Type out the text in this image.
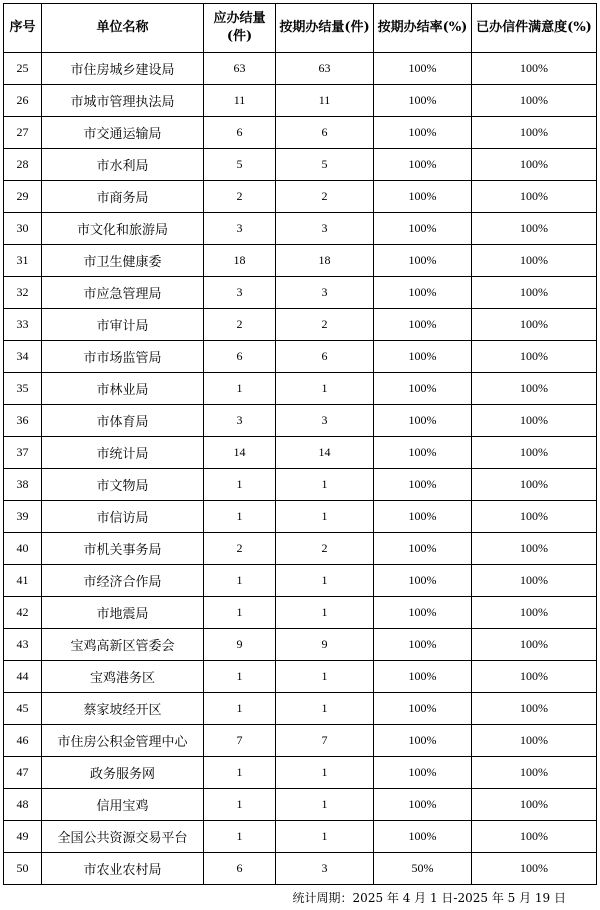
序号	单位名称	应办结量(件)	按期办结量(件)	按期办结率(%)	已办信件满意度(%)
25	市住房城乡建设局	63	63	100%	100%
26	市城市管理执法局	11	11	100%	100%
27	市交通运输局	6	6	100%	100%
28	市水利局	5	5	100%	100%
29	市商务局	2	2	100%	100%
30	市文化和旅游局	3	3	100%	100%
31	市卫生健康委	18	18	100%	100%
32	市应急管理局	3	3	100%	100%
33	市审计局	2	2	100%	100%
34	市市场监管局	6	6	100%	100%
35	市林业局	1	1	100%	100%
36	市体育局	3	3	100%	100%
37	市统计局	14	14	100%	100%
38	市文物局	1	1	100%	100%
39	市信访局	1	1	100%	100%
40	市机关事务局	2	2	100%	100%
41	市经济合作局	1	1	100%	100%
42	市地震局	1	1	100%	100%
43	宝鸡高新区管委会	9	9	100%	100%
44	宝鸡港务区	1	1	100%	100%
45	蔡家坡经开区	1	1	100%	100%
46	市住房公积金管理中心	7	7	100%	100%
47	政务服务网	1	1	100%	100%
48	信用宝鸡	1	1	100%	100%
49	全国公共资源交易平台	1	1	100%	100%
50	市农业农村局	6	3	50%	100%
统计周期：2025 年 4 月 1 日-2025 年 5 月 19 日
